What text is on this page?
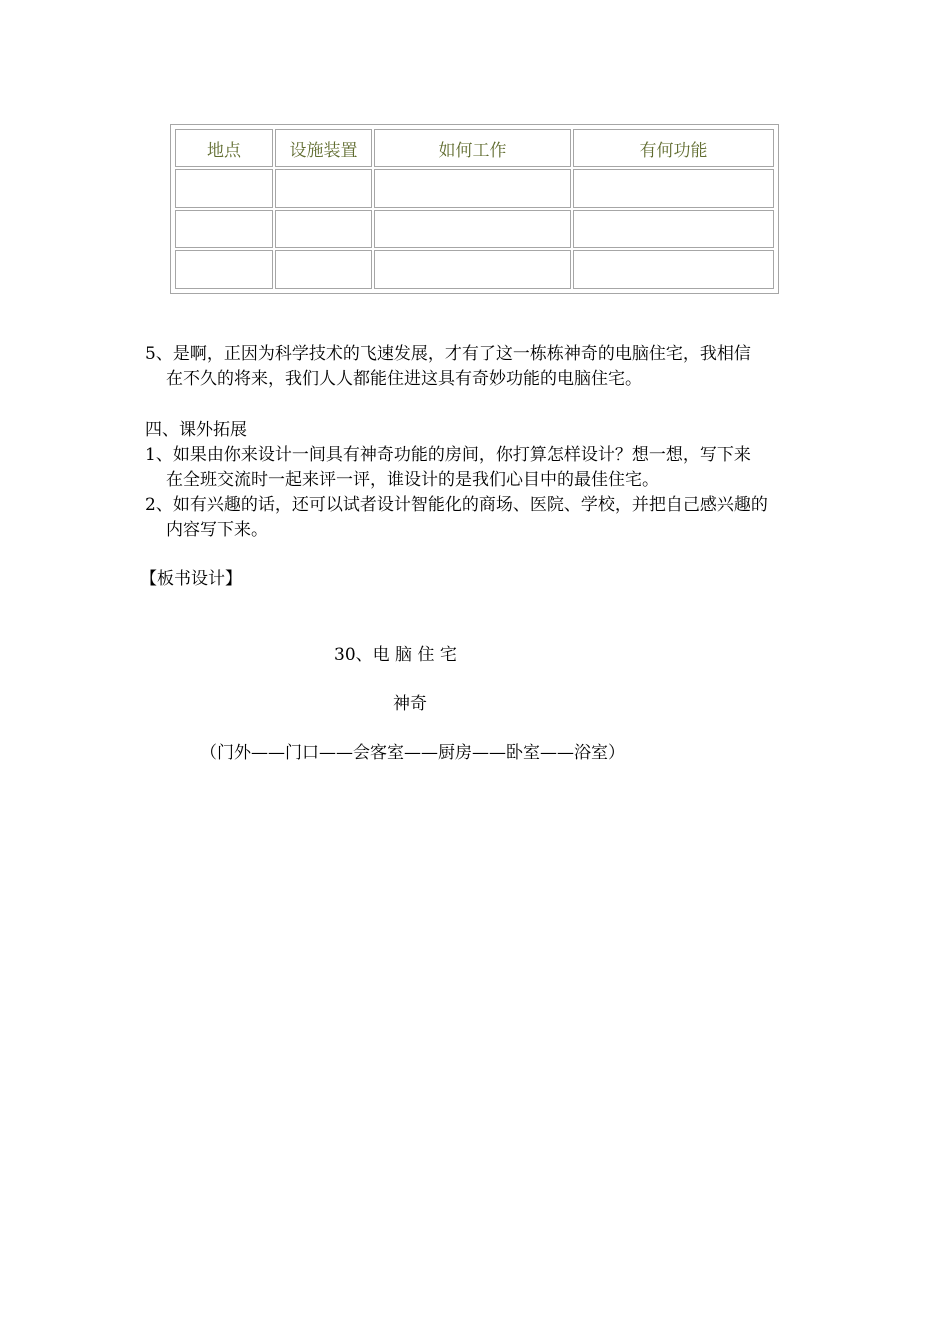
地点	设施装置	如何工作	有何功能

5、是啊，正因为科学技术的飞速发展，才有了这一栋栋神奇的电脑住宅，我相信
在不久的将来，我们人人都能住进这具有奇妙功能的电脑住宅。
四、课外拓展
1、如果由你来设计一间具有神奇功能的房间，你打算怎样设计？想一想，写下来
在全班交流时一起来评一评，谁设计的是我们心目中的最佳住宅。
2、如有兴趣的话，还可以试者设计智能化的商场、医院、学校，并把自己感兴趣的
内容写下来。
【板书设计】
30、电 脑 住 宅
神奇
（门外——门口——会客室——厨房——卧室——浴室）
